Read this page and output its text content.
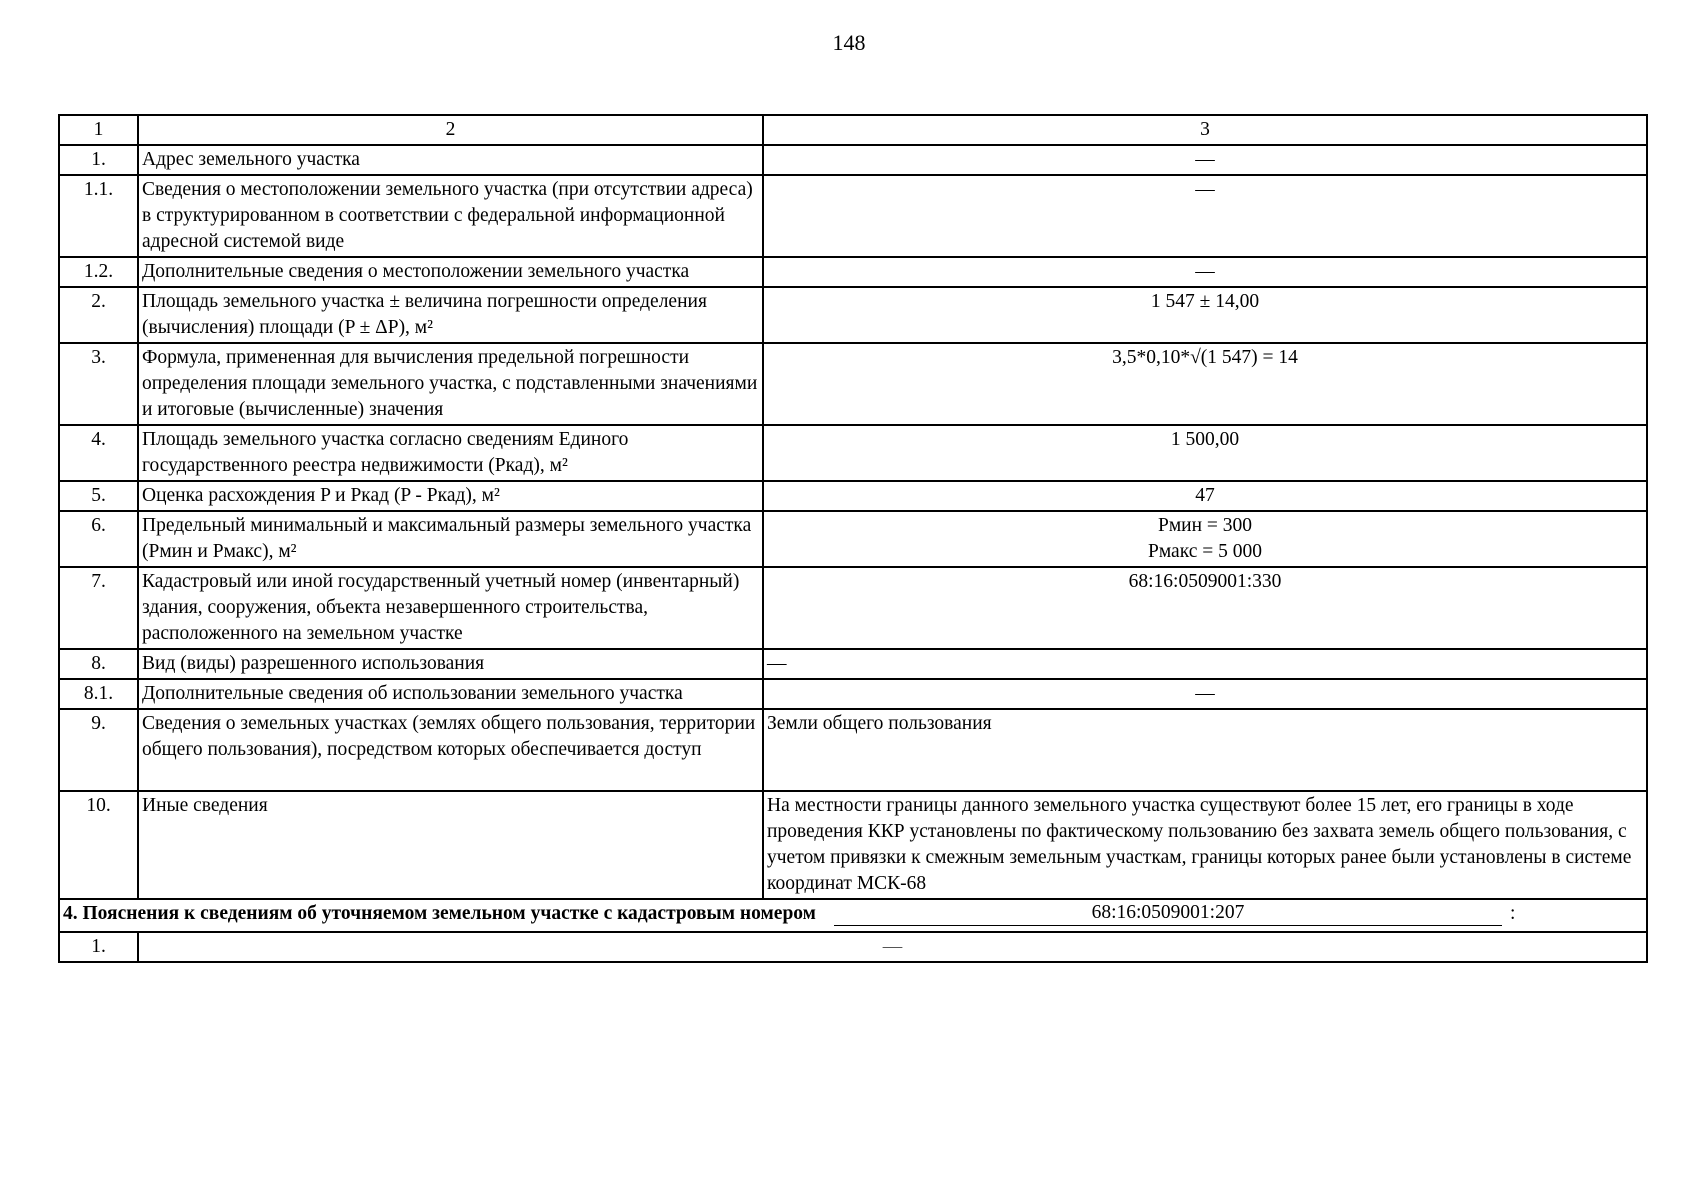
148
1	2	3
1.	Адрес земельного участка	—
1.1.	Сведения о местоположении земельного участка (при отсутствии адреса) в структурированном в соответствии с федеральной информационной адресной системой виде	—
1.2.	Дополнительные сведения о местоположении земельного участка	—
2.	Площадь земельного участка ± величина погрешности определения (вычисления) площади (P ± ΔP), м²	1 547 ± 14,00
3.	Формула, примененная для вычисления предельной погрешности определения площади земельного участка, с подставленными значениями и итоговые (вычисленные) значения	3,5*0,10*√(1 547) = 14
4.	Площадь земельного участка согласно сведениям Единого государственного реестра недвижимости (Pкад), м²	1 500,00
5.	Оценка расхождения P и Pкад (P - Pкад), м²	47
6.	Предельный минимальный и максимальный размеры земельного участка (Pмин и Pмакс), м²	Pмин = 300
Pмакс = 5 000

7.	Кадастровый или иной государственный учетный номер (инвентарный) здания, сооружения, объекта незавершенного строительства, расположенного на земельном участке	68:16:0509001:330
8.	Вид (виды) разрешенного использования	—
8.1.	Дополнительные сведения об использовании земельного участка	—
9.	Сведения о земельных участках (землях общего пользования, территории общего пользования), посредством которых обеспечивается доступ	Земли общего пользования
10.	Иные сведения	На местности границы данного земельного участка существуют более 15 лет, его границы в ходе проведения ККР установлены по фактическому пользованию без захвата земель общего пользования, с учетом привязки к смежным земельным участкам, границы которых ранее были установлены в системе координат МСК-68

4. Пояснения к сведениям об уточняемом земельном участке с кадастровым номером 68:16:0509001:207 :		

1.	—	
